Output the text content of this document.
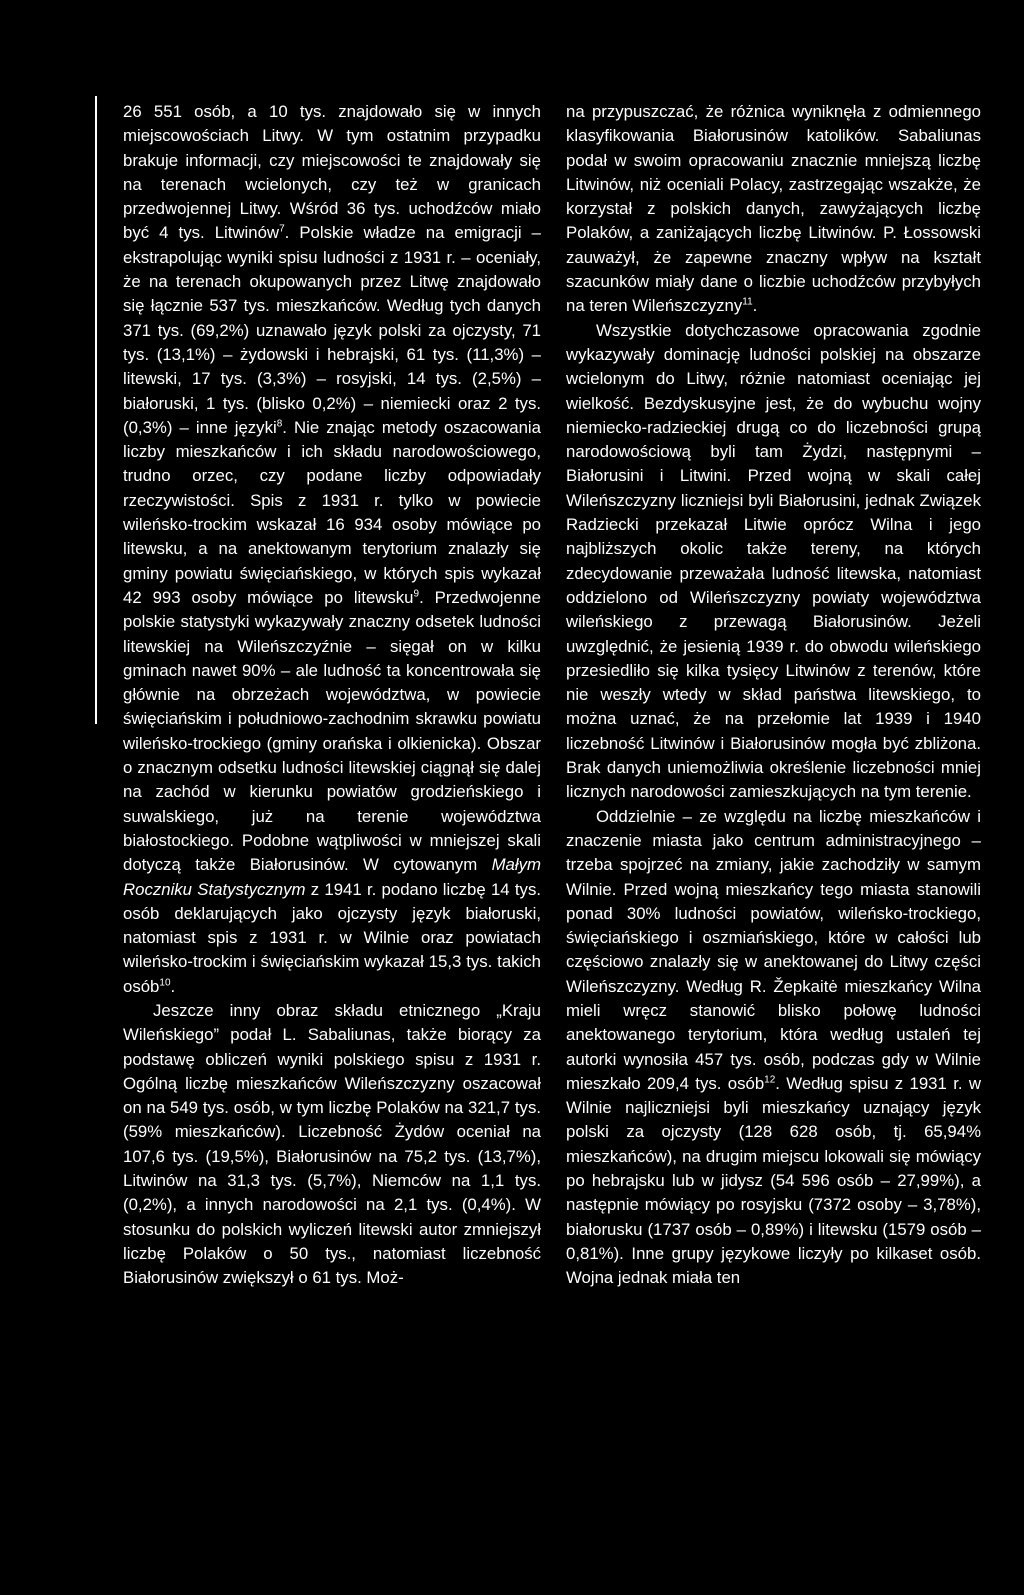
26 551 osób, a 10 tys. znajdowało się w innych miejscowościach Litwy. W tym ostatnim przypadku brakuje informacji, czy miejscowości te znajdowały się na terenach wcielonych, czy też w granicach przedwojennej Litwy. Wśród 36 tys. uchodźców miało być 4 tys. Litwinów$^7$. Polskie władze na emigracji – ekstrapolując wyniki spisu ludności z 1931 r. – oceniały, że na terenach okupowanych przez Litwę znajdowało się łącznie 537 tys. mieszkańców. Według tych danych 371 tys. (69,2%) uznawało język polski za ojczysty, 71 tys. (13,1%) – żydowski i hebrajski, 61 tys. (11,3%) – litewski, 17 tys. (3,3%) – rosyjski, 14 tys. (2,5%) – białoruski, 1 tys. (blisko 0,2%) – niemiecki oraz 2 tys. (0,3%) – inne języki$^8$. Nie znając metody oszacowania liczby mieszkańców i ich składu narodowościowego, trudno orzec, czy podane liczby odpowiadały rzeczywistości. Spis z 1931 r. tylko w powiecie wileńsko-trockim wskazał 16 934 osoby mówiące po litewsku, a na anektowanym terytorium znalazły się gminy powiatu święciańskiego, w których spis wykazał 42 993 osoby mówiące po litewsku$^9$. Przedwojenne polskie statystyki wykazywały znaczny odsetek ludności litewskiej na Wileńszczyźnie – sięgał on w kilku gminach nawet 90% – ale ludność ta koncentrowała się głównie na obrzeżach województwa, w powiecie święciańskim i południowo-zachodnim skrawku powiatu wileńsko-trockiego (gminy orańska i olkienicka). Obszar o znacznym odsetku ludności litewskiej ciągnął się dalej na zachód w kierunku powiatów grodzieńskiego i suwalskiego, już na terenie województwa białostockiego. Podobne wątpliwości w mniejszej skali dotyczą także Białorusinów. W cytowanym Małym Roczniku Statystycznym z 1941 r. podano liczbę 14 tys. osób deklarujących jako ojczysty język białoruski, natomiast spis z 1931 r. w Wilnie oraz powiatach wileńsko-trockim i święciańskim wykazał 15,3 tys. takich osób$^{10}$.

Jeszcze inny obraz składu etnicznego „Kraju Wileńskiego” podał L. Sabaliunas, także biorący za podstawę obliczeń wyniki polskiego spisu z 1931 r. Ogólną liczbę mieszkańców Wileńszczyzny oszacował on na 549 tys. osób, w tym liczbę Polaków na 321,7 tys. (59% mieszkańców). Liczebność Żydów oceniał na 107,6 tys. (19,5%), Białorusinów na 75,2 tys. (13,7%), Litwinów na 31,3 tys. (5,7%), Niemców na 1,1 tys. (0,2%), a innych narodowości na 2,1 tys. (0,4%). W stosunku do polskich wyliczeń litewski autor zmniejszył liczbę Polaków o 50 tys., natomiast liczebność Białorusinów zwiększył o 61 tys. Moż-

na przypuszczać, że różnica wyniknęła z odmiennego klasyfikowania Białorusinów katolików. Sabaliunas podał w swoim opracowaniu znacznie mniejszą liczbę Litwinów, niż oceniali Polacy, zastrzegając wszakże, że korzystał z polskich danych, zawyżających liczbę Polaków, a zaniżających liczbę Litwinów. P. Łossowski zauważył, że zapewne znaczny wpływ na kształt szacunków miały dane o liczbie uchodźców przybyłych na teren Wileńszczyzny$^{11}$.

Wszystkie dotychczasowe opracowania zgodnie wykazywały dominację ludności polskiej na obszarze wcielonym do Litwy, różnie natomiast oceniając jej wielkość. Bezdyskusyjne jest, że do wybuchu wojny niemiecko-radzieckiej drugą co do liczebności grupą narodowościową byli tam Żydzi, następnymi – Białorusini i Litwini. Przed wojną w skali całej Wileńszczyzny liczniejsi byli Białorusini, jednak Związek Radziecki przekazał Litwie oprócz Wilna i jego najbliższych okolic także tereny, na których zdecydowanie przeważała ludność litewska, natomiast oddzielono od Wileńszczyzny powiaty województwa wileńskiego z przewagą Białorusinów. Jeżeli uwzględnić, że jesienią 1939 r. do obwodu wileńskiego przesiedliło się kilka tysięcy Litwinów z terenów, które nie weszły wtedy w skład państwa litewskiego, to można uznać, że na przełomie lat 1939 i 1940 liczebność Litwinów i Białorusinów mogła być zbliżona. Brak danych uniemożliwia określenie liczebności mniej licznych narodowości zamieszkujących na tym terenie.

Oddzielnie – ze względu na liczbę mieszkańców i znaczenie miasta jako centrum administracyjnego – trzeba spojrzeć na zmiany, jakie zachodziły w samym Wilnie. Przed wojną mieszkańcy tego miasta stanowili ponad 30% ludności powiatów, wileńsko-trockiego, święciańskiego i oszmiańskiego, które w całości lub częściowo znalazły się w anektowanej do Litwy części Wileńszczyzny. Według R. Žepkaitė mieszkańcy Wilna mieli wręcz stanowić blisko połowę ludności anektowanego terytorium, która według ustaleń tej autorki wynosiła 457 tys. osób, podczas gdy w Wilnie mieszkało 209,4 tys. osób$^{12}$. Według spisu z 1931 r. w Wilnie najliczniejsi byli mieszkańcy uznający język polski za ojczysty (128 628 osób, tj. 65,94% mieszkańców), na drugim miejscu lokowali się mówiący po hebrajsku lub w jidysz (54 596 osób – 27,99%), a następnie mówiący po rosyjsku (7372 osoby – 3,78%), białorusku (1737 osób – 0,89%) i litewsku (1579 osób – 0,81%). Inne grupy językowe liczyły po kilkaset osób. Wojna jednak miała ten
